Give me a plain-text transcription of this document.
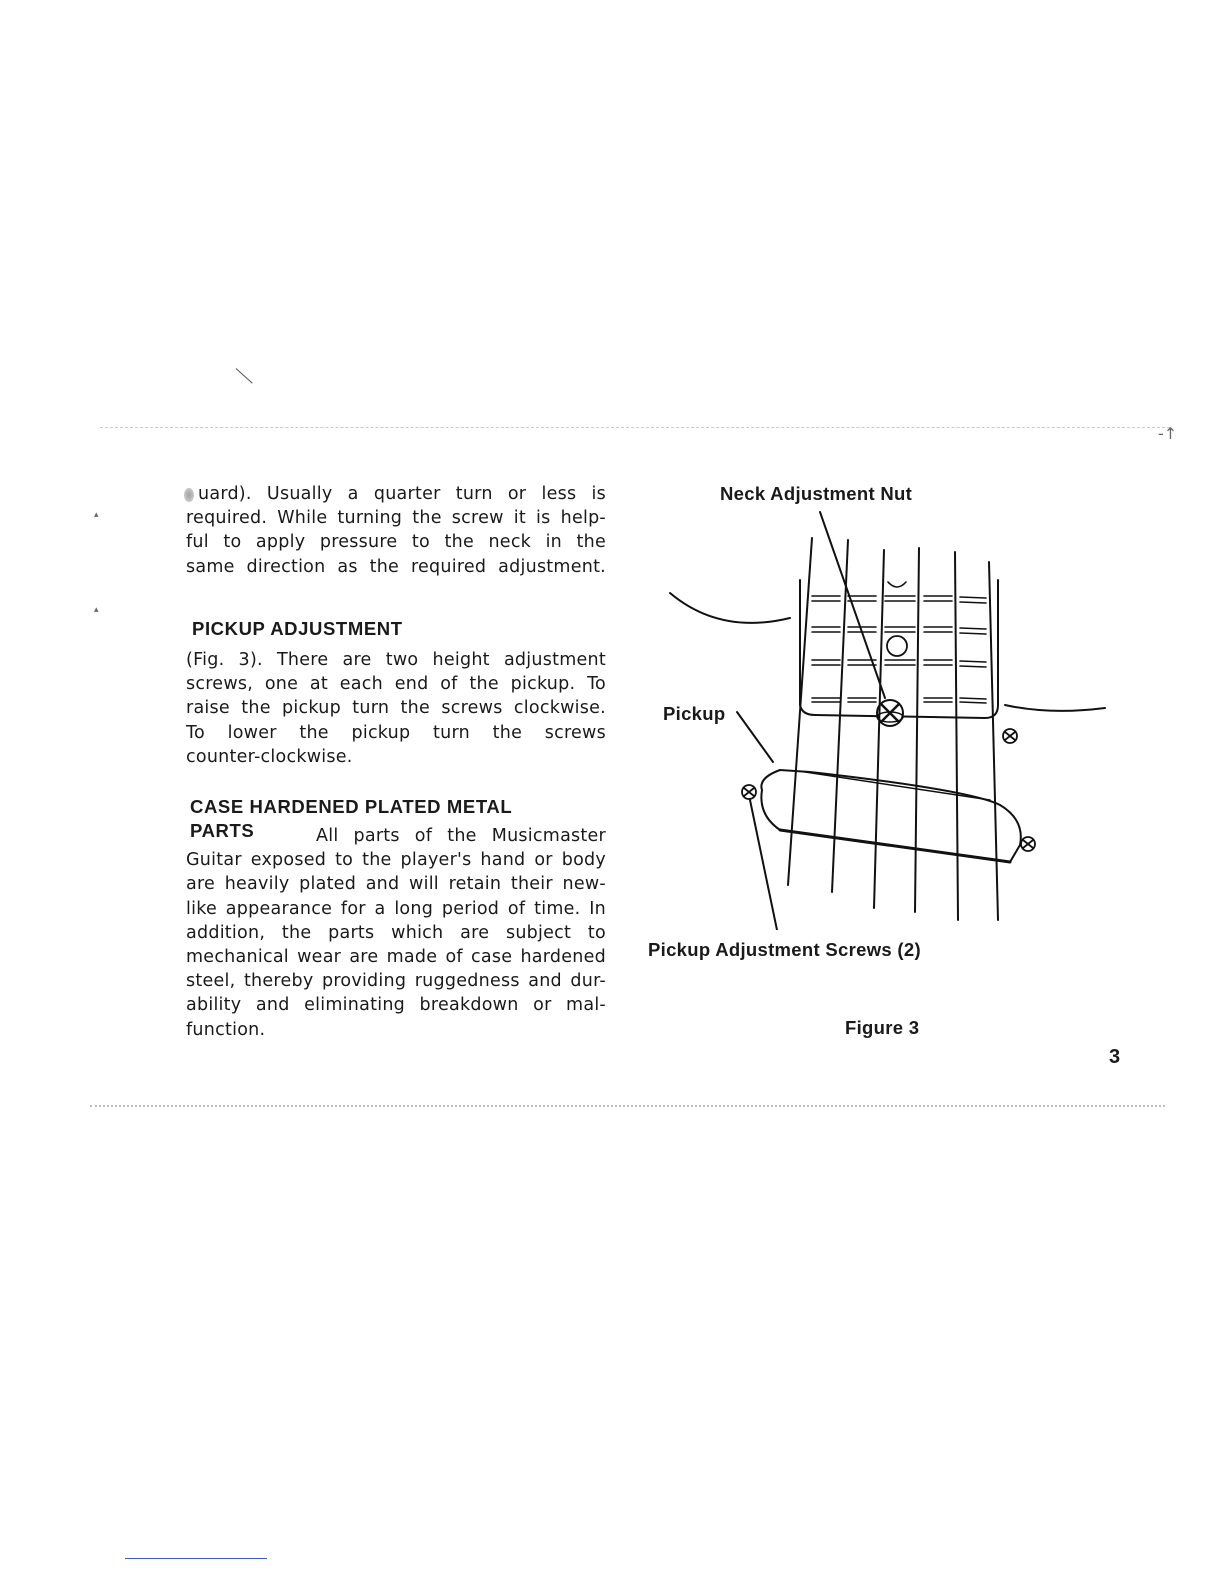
‑↑
▴
▴

uard). Usually a quarter turn or less is

required. While turning the screw it is help-

ful to apply pressure to the neck in the

same direction as the required adjustment.

PICKUP ADJUSTMENT

(Fig. 3). There are two height adjustment

screws, one at each end of the pickup. To

raise the pickup turn the screws clockwise.

To lower the pickup turn the screws

counter-clockwise.

CASE HARDENED PLATED METAL
PARTS	All parts of the Musicmaster

Guitar exposed to the player's hand or body

are heavily plated and will retain their new-

like appearance for a long period of time. In

addition, the parts which are subject to

mechanical wear are made of case hardened

steel, thereby providing ruggedness and dur-

ability and eliminating breakdown or mal-

function.

Neck Adjustment Nut
Pickup
Pickup Adjustment Screws (2)
Figure 3
3
